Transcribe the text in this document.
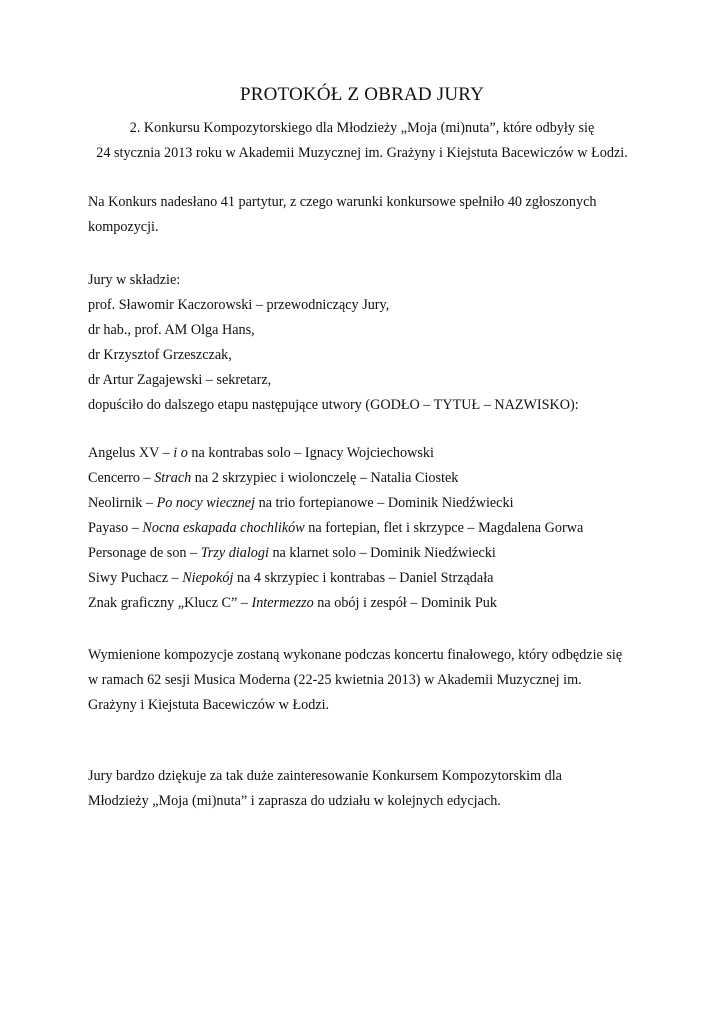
PROTOKÓŁ Z OBRAD JURY
2. Konkursu Kompozytorskiego dla Młodzieży „Moja (mi)nuta”, które odbyły się
24 stycznia 2013 roku w Akademii Muzycznej im. Grażyny i Kiejstuta Bacewiczów w Łodzi.
Na Konkurs nadesłano 41 partytur, z czego warunki konkursowe spełniło 40 zgłoszonych
kompozycji.
Jury w składzie:
prof. Sławomir Kaczorowski – przewodniczący Jury,
dr hab., prof. AM Olga Hans,
dr Krzysztof Grzeszczak,
dr Artur Zagajewski – sekretarz,
dopuściło do dalszego etapu następujące utwory (GODŁO – TYTUŁ – NAZWISKO):
Angelus XV – i o na kontrabas solo – Ignacy Wojciechowski
Cencerro – Strach na 2 skrzypiec i wiolonczelę – Natalia Ciostek
Neolirnik – Po nocy wiecznej na trio fortepianowe – Dominik Niedźwiecki
Payaso – Nocna eskapada chochlików na fortepian, flet i skrzypce – Magdalena Gorwa
Personage de son – Trzy dialogi na klarnet solo – Dominik Niedźwiecki
Siwy Puchacz – Niepokój na 4 skrzypiec i kontrabas – Daniel Strządała
Znak graficzny „Klucz C” – Intermezzo na obój i zespół – Dominik Puk
Wymienione kompozycje zostaną wykonane podczas koncertu finałowego, który odbędzie się
w ramach 62 sesji Musica Moderna (22-25 kwietnia 2013) w Akademii Muzycznej im.
Grażyny i Kiejstuta Bacewiczów w Łodzi.
Jury bardzo dziękuje za tak duże zainteresowanie Konkursem Kompozytorskim dla
Młodzieży „Moja (mi)nuta” i zaprasza do udziału w kolejnych edycjach.
